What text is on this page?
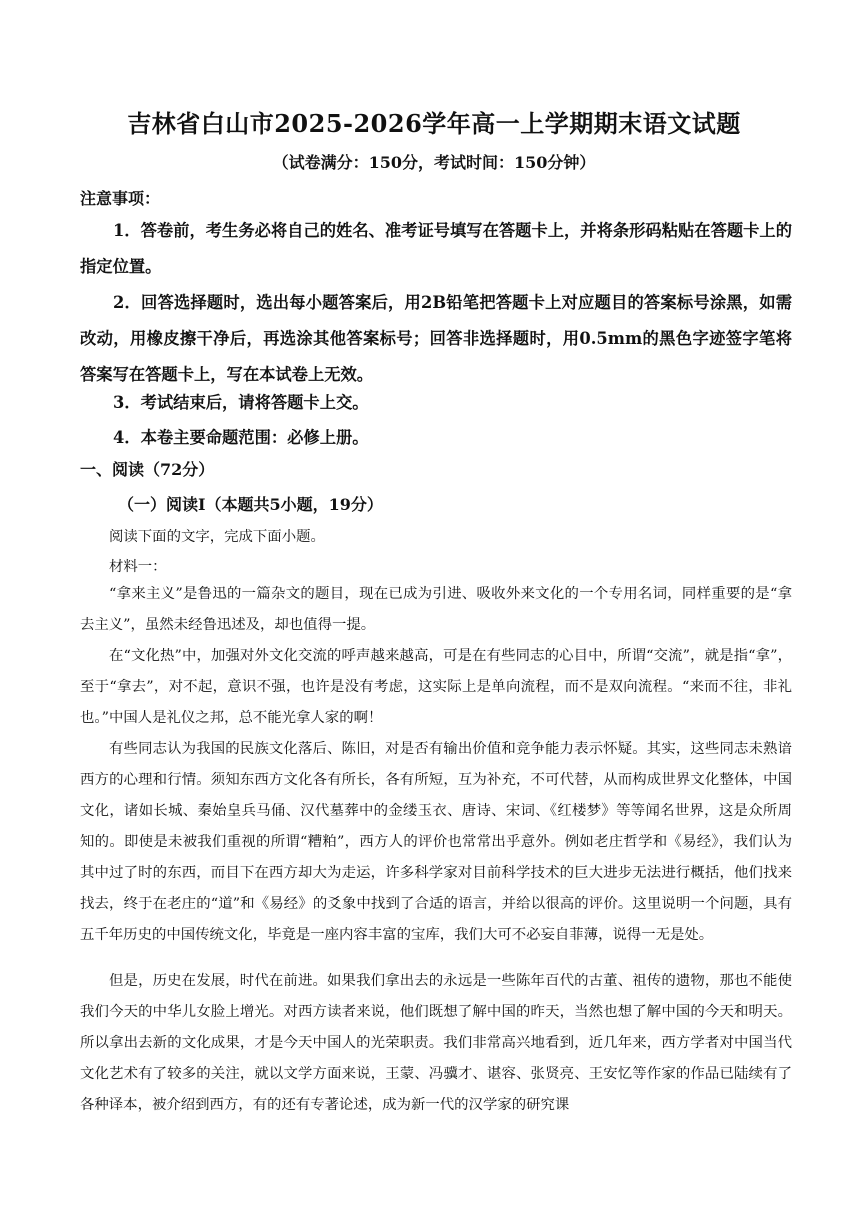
吉林省白山市2025-2026学年高一上学期期末语文试题
（试卷满分：150分，考试时间：150分钟）
注意事项：

1．答卷前，考生务必将自己的姓名、准考证号填写在答题卡上，并将条形码粘贴在答题卡上的指定位置。

2．回答选择题时，选出每小题答案后，用2B铅笔把答题卡上对应题目的答案标号涂黑，如需改动，用橡皮擦干净后，再选涂其他答案标号；回答非选择题时，用0.5mm的黑色字迹签字笔将答案写在答题卡上，写在本试卷上无效。

3．考试结束后，请将答题卡上交。

4．本卷主要命题范围：必修上册。

一、阅读（72分）
（一）阅读I（本题共5小题，19分）

阅读下面的文字，完成下面小题。

材料一：

“拿来主义”是鲁迅的一篇杂文的题目，现在已成为引进、吸收外来文化的一个专用名词，同样重要的是“拿去主义”，虽然未经鲁迅述及，却也值得一提。

在“文化热”中，加强对外文化交流的呼声越来越高，可是在有些同志的心目中，所谓“交流”，就是指“拿”，至于“拿去”，对不起，意识不强，也许是没有考虑，这实际上是单向流程，而不是双向流程。“来而不往，非礼也。”中国人是礼仪之邦，总不能光拿人家的啊！

有些同志认为我国的民族文化落后、陈旧，对是否有输出价值和竞争能力表示怀疑。其实，这些同志未熟谙西方的心理和行情。须知东西方文化各有所长，各有所短，互为补充，不可代替，从而构成世界文化整体，中国文化，诸如长城、秦始皇兵马俑、汉代墓葬中的金缕玉衣、唐诗、宋词、《红楼梦》等等闻名世界，这是众所周知的。即使是未被我们重视的所谓“糟粕”，西方人的评价也常常出乎意外。例如老庄哲学和《易经》，我们认为其中过了时的东西，而目下在西方却大为走运，许多科学家对目前科学技术的巨大进步无法进行概括，他们找来找去，终于在老庄的“道”和《易经》的爻象中找到了合适的语言，并给以很高的评价。这里说明一个问题，具有五千年历史的中国传统文化，毕竟是一座内容丰富的宝库，我们大可不必妄自菲薄，说得一无是处。

但是，历史在发展，时代在前进。如果我们拿出去的永远是一些陈年百代的古董、祖传的遗物，那也不能使我们今天的中华儿女脸上增光。对西方读者来说，他们既想了解中国的昨天，当然也想了解中国的今天和明天。所以拿出去新的文化成果，才是今天中国人的光荣职责。我们非常高兴地看到，近几年来，西方学者对中国当代文化艺术有了较多的关注，就以文学方面来说，王蒙、冯骥才、谌容、张贤亮、王安忆等作家的作品已陆续有了各种译本，被介绍到西方，有的还有专著论述，成为新一代的汉学家的研究课
